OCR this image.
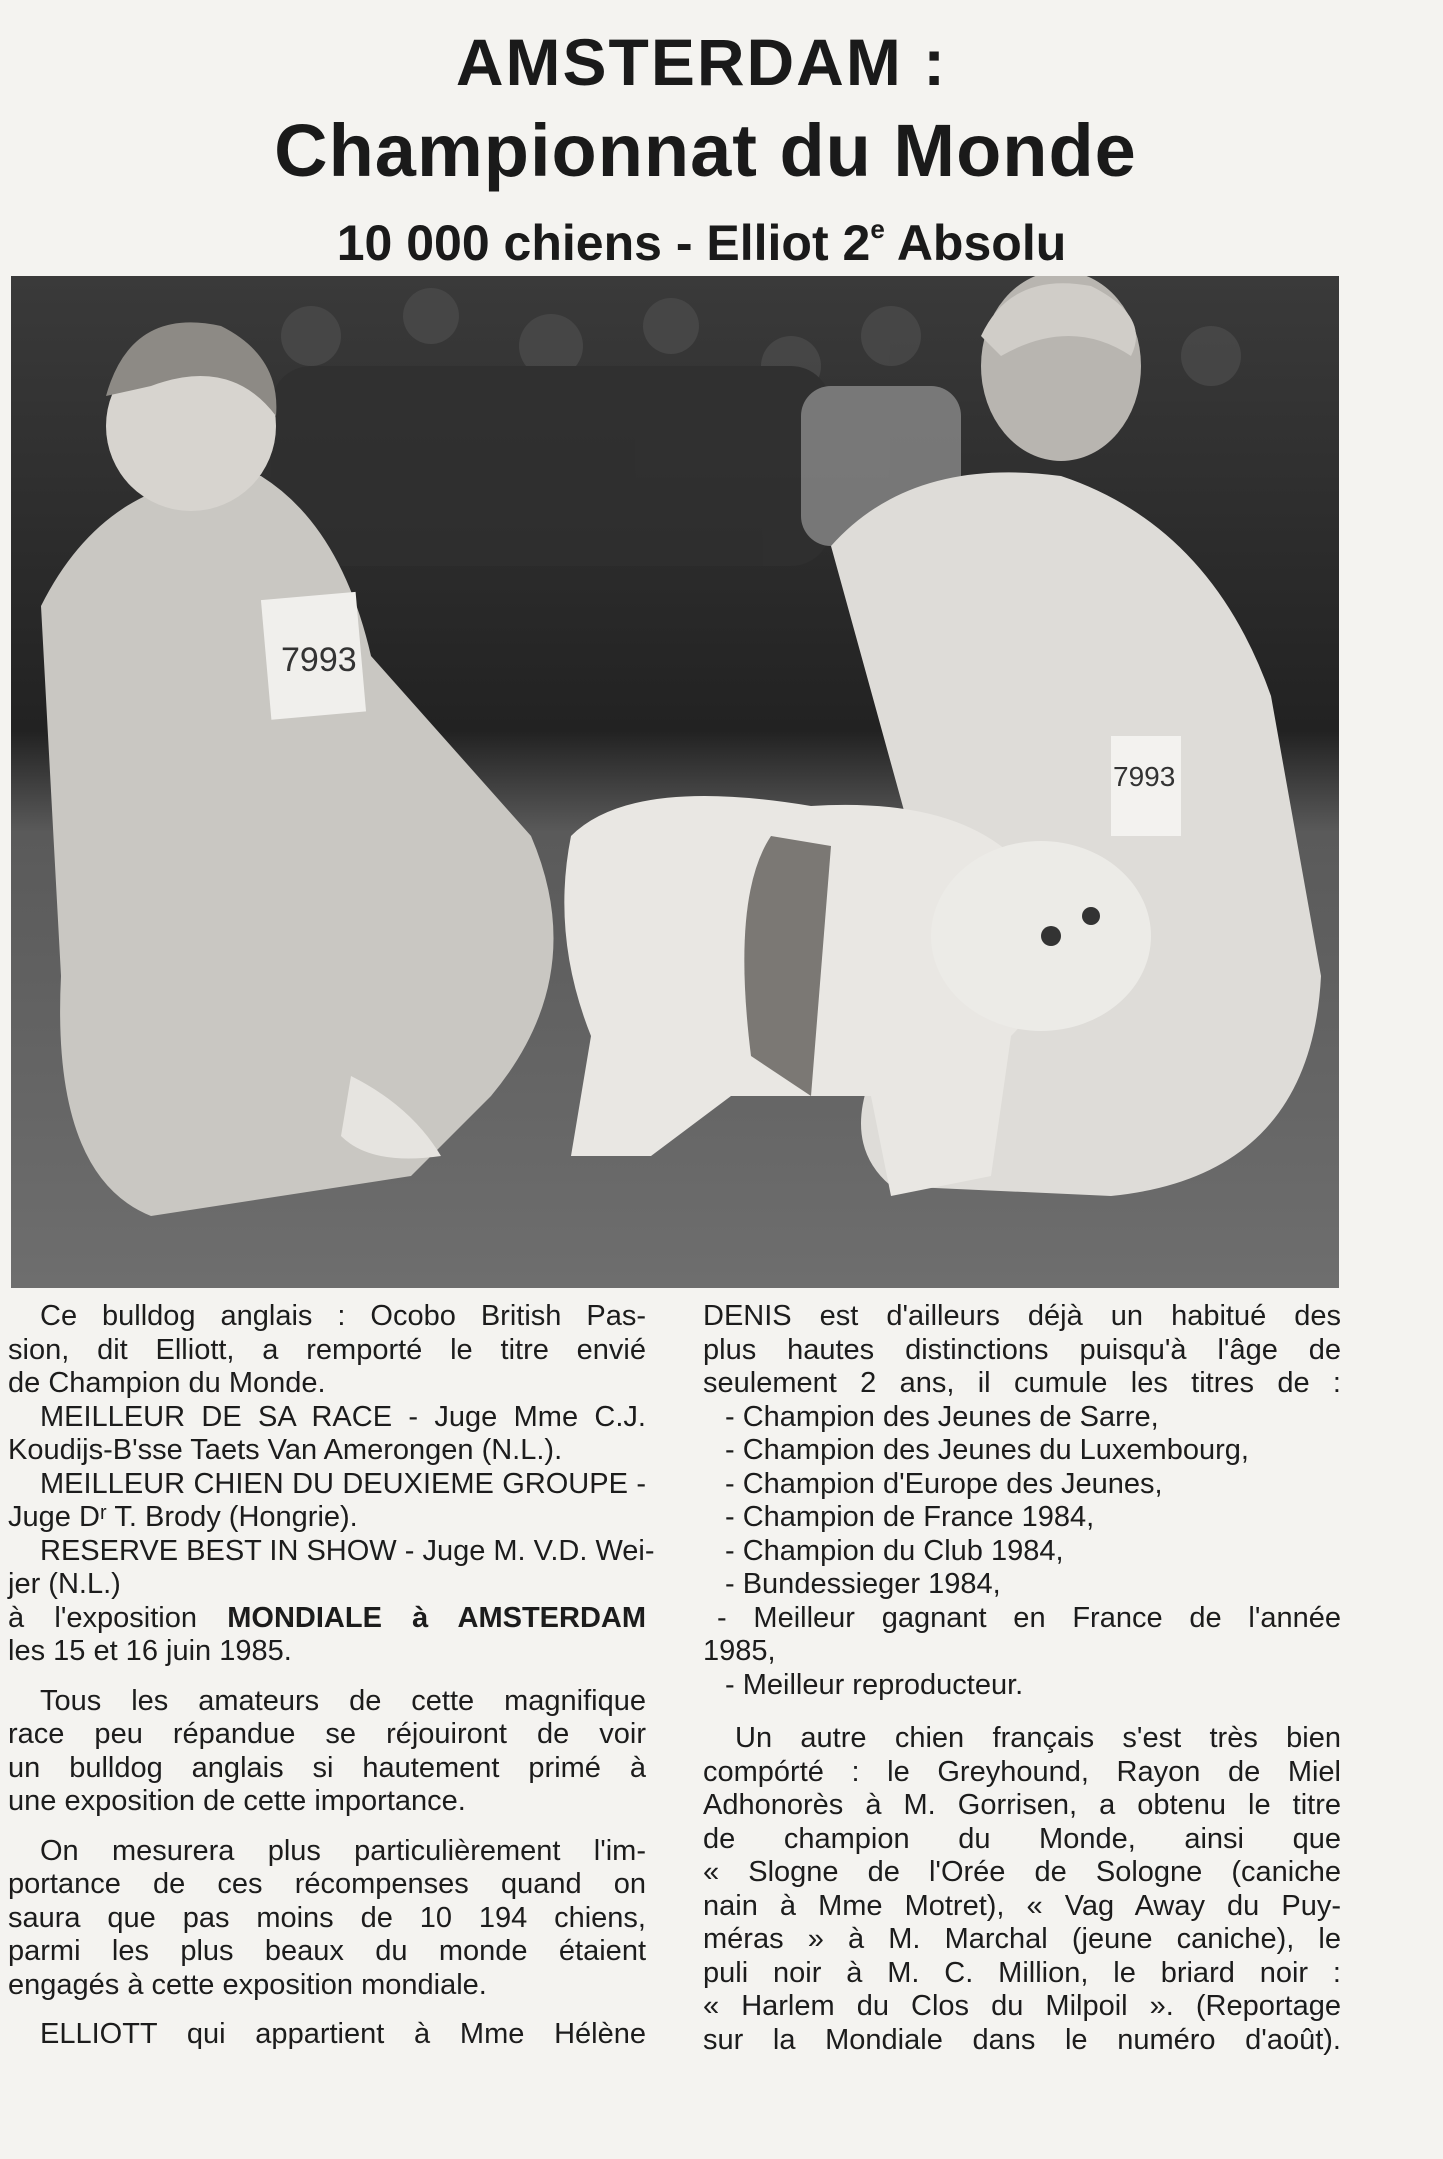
AMSTERDAM :
Championnat du Monde
10 000 chiens - Elliot 2e Absolu
7993
7993
Ce bulldog anglais : Ocobo British Pas-
sion, dit Elliott, a remporté le titre envié
de Champion du Monde.
MEILLEUR DE SA RACE - Juge Mme C.J.
Koudijs-B'sse Taets Van Amerongen (N.L.).
MEILLEUR CHIEN DU DEUXIEME GROUPE -
Juge Dʳ T. Brody (Hongrie).
RESERVE BEST IN SHOW - Juge M. V.D. Wei-
jer (N.L.)
à l'exposition MONDIALE à AMSTERDAM
les 15 et 16 juin 1985.
Tous les amateurs de cette magnifique
race peu répandue se réjouiront de voir
un bulldog anglais si hautement primé à
une exposition de cette importance.
On mesurera plus particulièrement l'im-
portance de ces récompenses quand on
saura que pas moins de 10 194 chiens,
parmi les plus beaux du monde étaient
engagés à cette exposition mondiale.
ELLIOTT qui appartient à Mme Hélène
DENIS est d'ailleurs déjà un habitué des
plus hautes distinctions puisqu'à l'âge de
seulement 2 ans, il cumule les titres de :
- Champion des Jeunes de Sarre,
- Champion des Jeunes du Luxembourg,
- Champion d'Europe des Jeunes,
- Champion de France 1984,
- Champion du Club 1984,
- Bundessieger 1984,
- Meilleur gagnant en France de l'année
1985,
- Meilleur reproducteur.
Un autre chien français s'est très bien
compórté : le Greyhound, Rayon de Miel
Adhonorès à M. Gorrisen, a obtenu le titre
de champion du Monde, ainsi que
« Slogne de l'Orée de Sologne (caniche
nain à Mme Motret), « Vag Away du Puy-
méras » à M. Marchal (jeune caniche), le
puli noir à M. C. Million, le briard noir :
« Harlem du Clos du Milpoil ». (Reportage
sur la Mondiale dans le numéro d'août).
